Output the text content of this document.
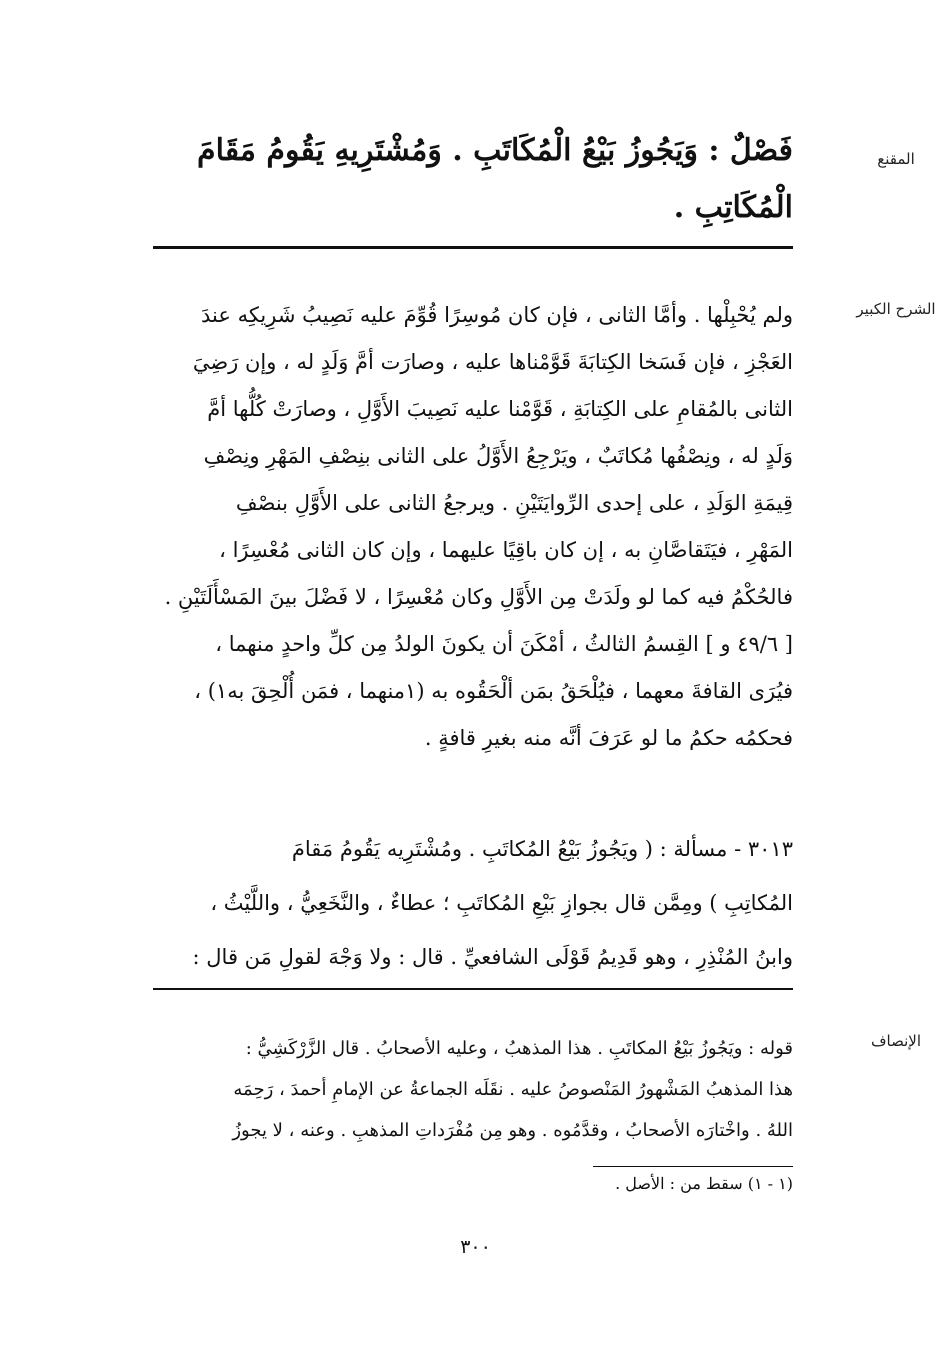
المقنع
فَصْلٌ : وَيَجُوزُ بَيْعُ الْمُكَاتَبِ . وَمُشْتَرِيهِ يَقُومُ مَقَامَ
الْمُكَاتِبِ .
الشرح الكبير
ولم يُحْبِلْها . وأمَّا الثانى ، فإن كان مُوسِرًا قُوِّمَ عليه نَصِيبُ شَرِيكِه عندَ
العَجْزِ ، فإن فَسَخا الكِتابَةَ قَوَّمْناها عليه ، وصارَت أمَّ وَلَدٍ له ، وإن رَضِيَ
الثانى بالمُقامِ على الكِتابَةِ ، قَوَّمْنا عليه نَصِيبَ الأَوَّلِ ، وصارَتْ كُلُّها أمَّ
وَلَدٍ له ، ونِصْفُها مُكاتَبٌ ، ويَرْجِعُ الأَوَّلُ على الثانى بنِصْفِ المَهْرِ ونِصْفِ
قِيمَةِ الوَلَدِ ، على إحدى الرِّوايَتَيْنِ . ويرجعُ الثانى على الأَوَّلِ بنصْفِ
المَهْرِ ، فيَتَقاصَّانِ به ، إن كان باقِيًا عليهما ، وإن كان الثانى مُعْسِرًا ،
فالحُكْمُ فيه كما لو ولَدَتْ مِن الأَوَّلِ وكان مُعْسِرًا ، لا فَضْلَ بينَ المَسْأَلَتَيْنِ .
[ ٤٩/٦ و ] القِسمُ الثالثُ ، أمْكَنَ أن يكونَ الولدُ مِن كلِّ واحدٍ منهما ،
فيُرَى القافةَ معهما ، فيُلْحَقُ بمَن ألْحَقُوه به (١منهما ، فمَن أُلْحِقَ به١) ،
فحكمُه حكمُ ما لو عَرَفَ أنَّه منه بغيرِ قافةٍ .
٣٠١٣ - مسألة : ( ويَجُوزُ بَيْعُ المُكاتَبِ . ومُشْتَرِيه يَقُومُ مَقامَ
المُكاتِبِ ) ومِمَّن قال بجوازِ بَيْعِ المُكاتَبِ ؛ عطاءٌ ، والنَّخَعِيُّ ، واللَّيْثُ ،
وابنُ المُنْذِرِ ، وهو قَدِيمُ قَوْلَى الشافعيِّ . قال : ولا وَجْهَ لقولِ مَن قال :
الإنصاف
قوله : ويَجُوزُ بَيْعُ المكاتَبِ . هذا المذهبُ ، وعليه الأصحابُ . قال الزَّرْكَشِيُّ :
هذا المذهبُ المَشْهورُ المَنْصوصُ عليه . نقَلَه الجماعةُ عن الإمامِ أحمدَ ، رَحِمَه
اللهُ . واخْتارَه الأصحابُ ، وقدَّمُوه . وهو مِن مُفْرَداتِ المذهبِ . وعنه ، لا يجوزُ
(١ - ١) سقط من : الأصل .
٣٠٠
